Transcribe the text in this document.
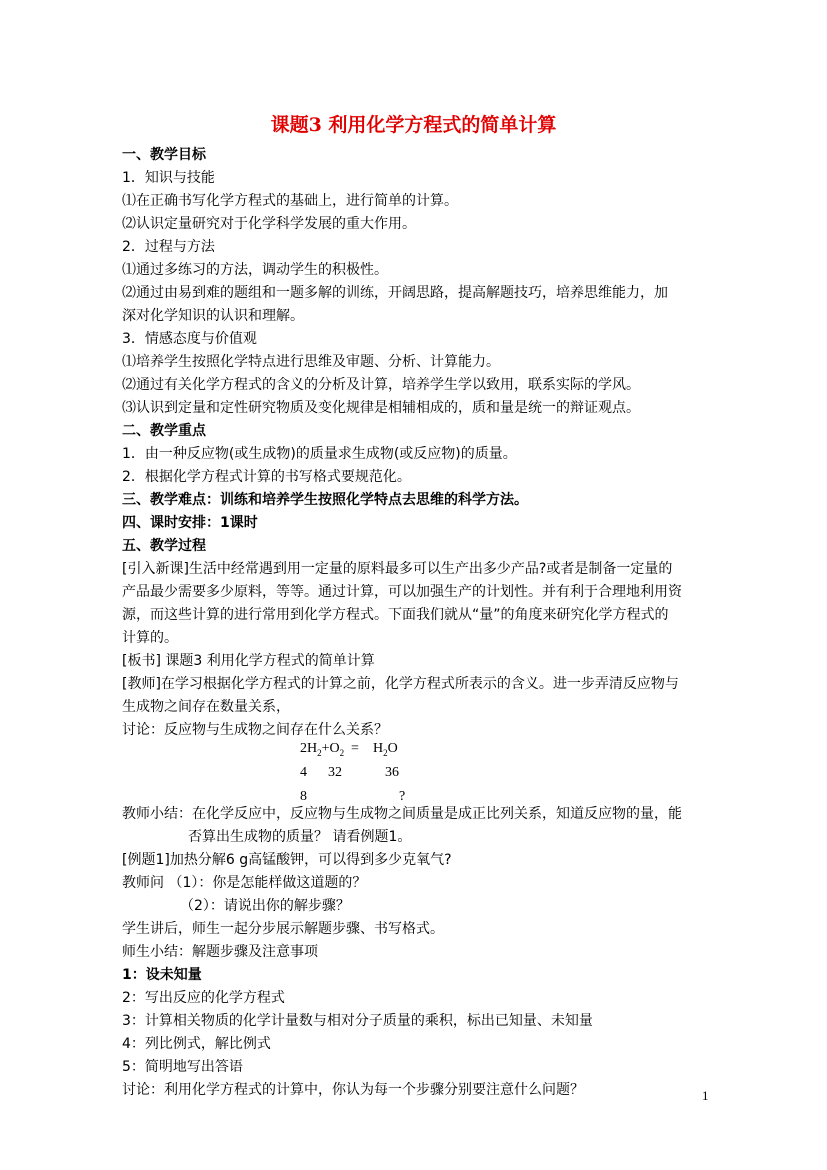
课题3 利用化学方程式的简单计算
一、教学目标
1．知识与技能
⑴在正确书写化学方程式的基础上，进行简单的计算。
⑵认识定量研究对于化学科学发展的重大作用。
2．过程与方法
⑴通过多练习的方法，调动学生的积极性。
⑵通过由易到难的题组和一题多解的训练，开阔思路，提高解题技巧，培养思维能力，加
深对化学知识的认识和理解。
3．情感态度与价值观
⑴培养学生按照化学特点进行思维及审题、分析、计算能力。
⑵通过有关化学方程式的含义的分析及计算，培养学生学以致用，联系实际的学风。
⑶认识到定量和定性研究物质及变化规律是相辅相成的，质和量是统一的辩证观点。
二、教学重点
1．由一种反应物(或生成物)的质量求生成物(或反应物)的质量。
2．根据化学方程式计算的书写格式要规范化。
三、教学难点：训练和培养学生按照化学特点去思维的科学方法。
四、课时安排：1课时
五、教学过程
[引入新课]生活中经常遇到用一定量的原料最多可以生产出多少产品?或者是制备一定量的
产品最少需要多少原料，等等。通过计算，可以加强生产的计划性。并有利于合理地利用资
源，而这些计算的进行常用到化学方程式。下面我们就从“量”的角度来研究化学方程式的
计算的。
[板书] 课题3 利用化学方程式的简单计算
[教师]在学习根据化学方程式的计算之前，化学方程式所表示的含义。进一步弄清反应物与
生成物之间存在数量关系，
讨论：反应物与生成物之间存在什么关系？
$2H_2+O_2 = H_2O$
4 32	36
8	?
教师小结：在化学反应中，反应物与生成物之间质量是成正比列关系，知道反应物的量，能
否算出生成物的质量？ 请看例题1。
[例题1]加热分解6 g高锰酸钾，可以得到多少克氧气?
教师问 （1）：你是怎能样做这道题的？
（2）：请说出你的解步骤？
学生讲后，师生一起分步展示解题步骤、书写格式。
师生小结：解题步骤及注意事项
1：设未知量
2：写出反应的化学方程式
3：计算相关物质的化学计量数与相对分子质量的乘积，标出已知量、未知量
4：列比例式，解比例式
5：简明地写出答语
讨论：利用化学方程式的计算中，你认为每一个步骤分别要注意什么问题？	1
